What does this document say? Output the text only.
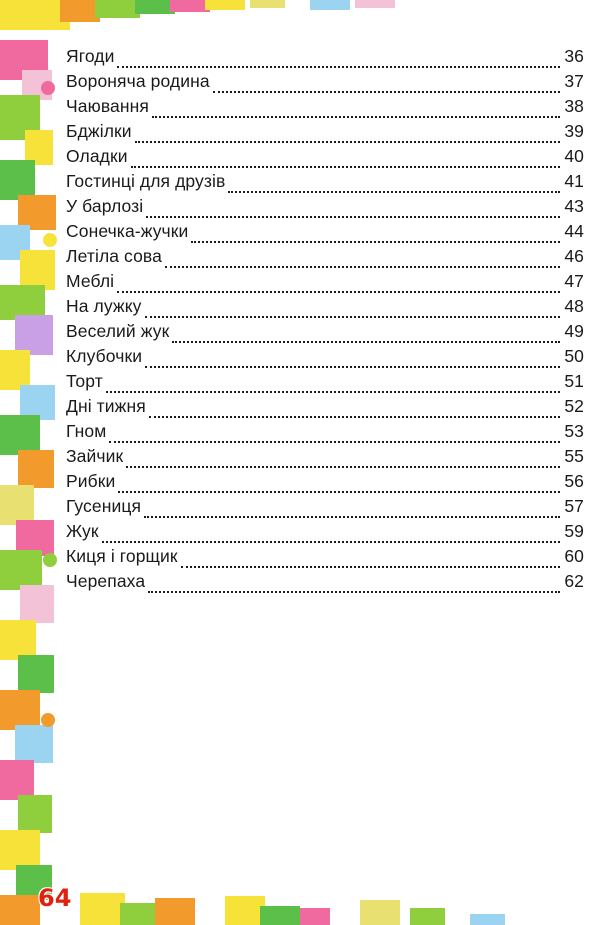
Ягоди	36
Вороняча родина	37
Чаювання	38
Бджілки	39
Оладки	40
Гостинці для друзів	41
У барлозі	43
Сонечка-жучки	44
Летіла сова	46
Меблі	47
На лужку	48
Веселий жук	49
Клубочки	50
Торт	51
Дні тижня	52
Гном	53
Зайчик	55
Рибки	56
Гусениця	57
Жук	59
Киця і горщик	60
Черепаха	62
64
